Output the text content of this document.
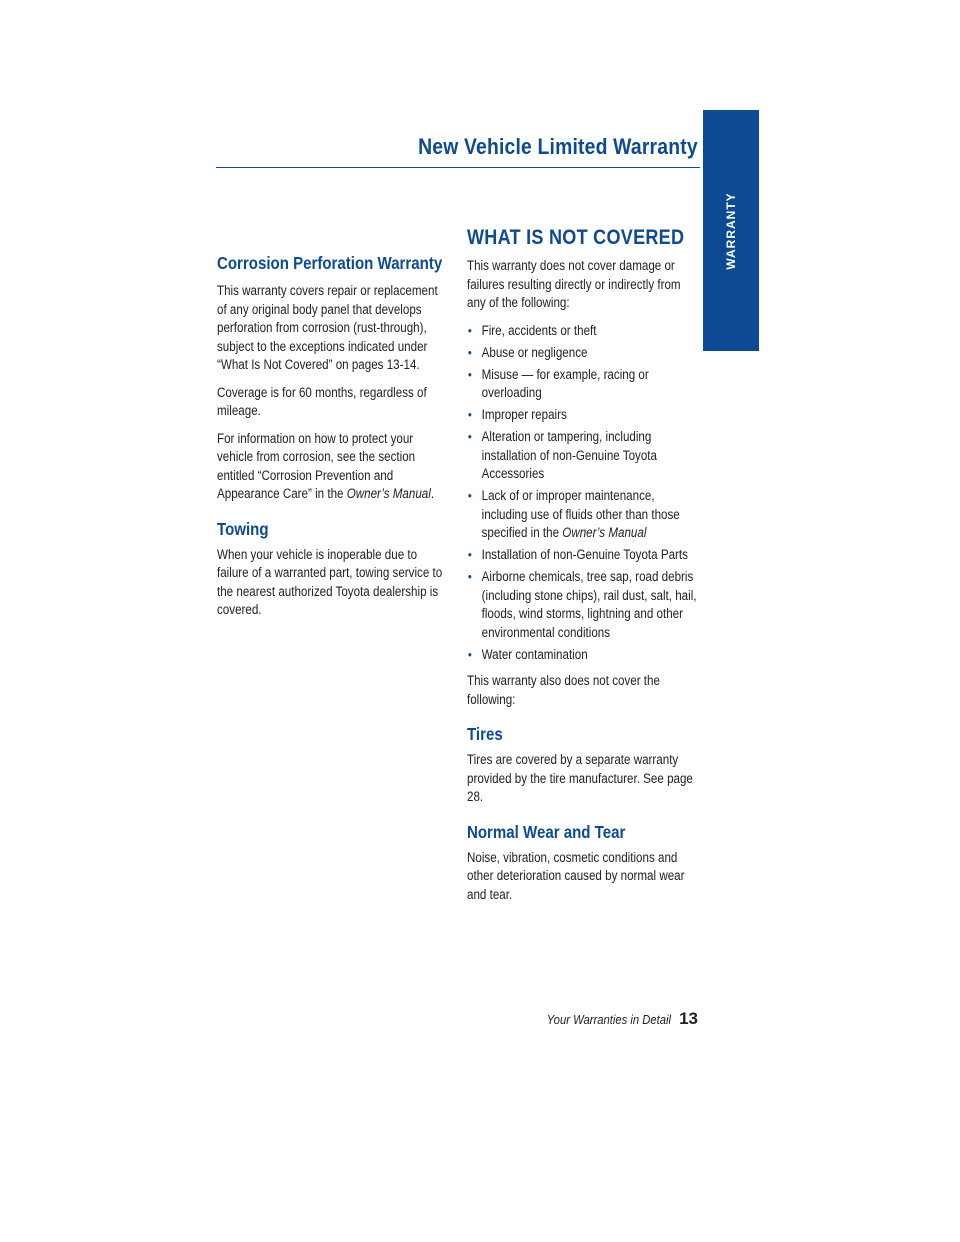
New Vehicle Limited Warranty
WARRANTY
Corrosion Perforation Warranty

This warranty covers repair or replacement of any original body panel that develops perforation from corrosion (rust-through), subject to the exceptions indicated under “What Is Not Covered” on pages 13-14.

Coverage is for 60 months, regardless of mileage.

For information on how to protect your vehicle from corrosion, see the section entitled “Corrosion Prevention and Appearance Care” in the Owner’s Manual.

Towing

When your vehicle is inoperable due to failure of a warranted part, towing service to the nearest authorized Toyota dealership is covered.

WHAT IS NOT COVERED

This warranty does not cover damage or failures resulting directly or indirectly from any of the following:

• Fire, accidents or theft
• Abuse or negligence
• Misuse — for example, racing or overloading
• Improper repairs
• Alteration or tampering, including installation of non-Genuine Toyota Accessories
• Lack of or improper maintenance, including use of fluids other than those specified in the Owner’s Manual
• Installation of non-Genuine Toyota Parts
• Airborne chemicals, tree sap, road debris (including stone chips), rail dust, salt, hail, floods, wind storms, lightning and other environmental conditions
• Water contamination

This warranty also does not cover the following:

Tires

Tires are covered by a separate warranty provided by the tire manufacturer. See page 28.

Normal Wear and Tear

Noise, vibration, cosmetic conditions and other deterioration caused by normal wear and tear.

Your Warranties in Detail 13
